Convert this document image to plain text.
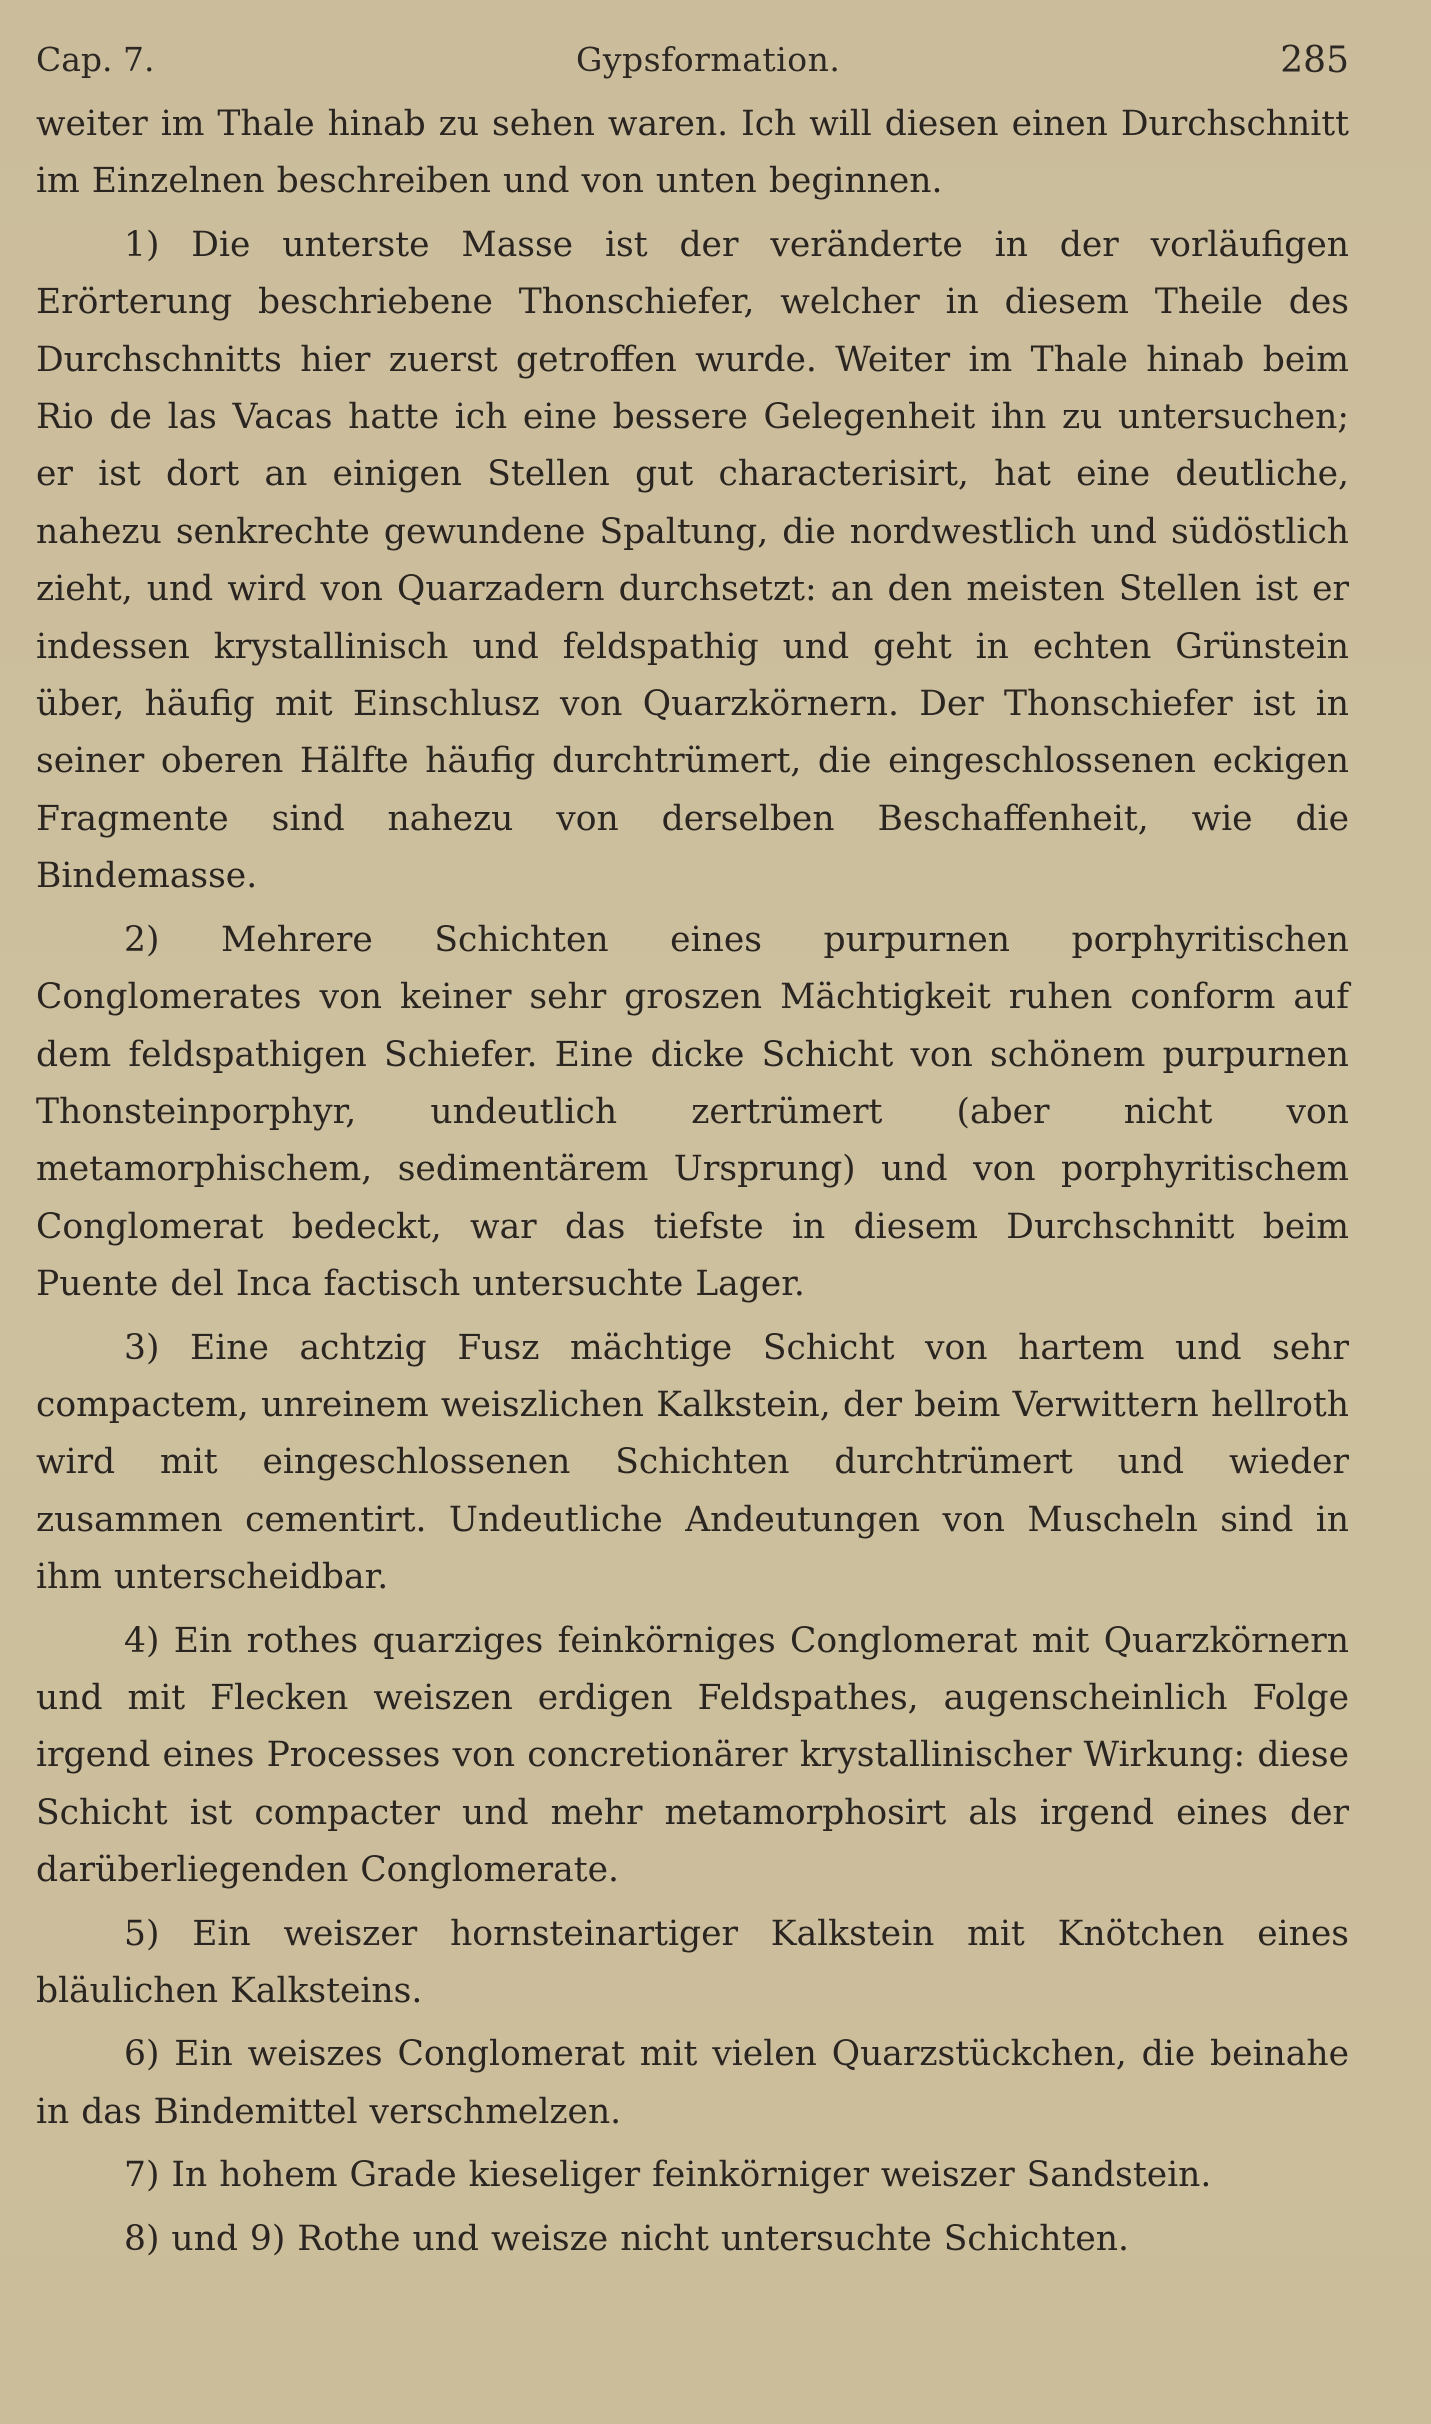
Cap. 7.	Gypsformation.	285

weiter im Thale hinab zu sehen waren. Ich will diesen einen Durchschnitt im Einzelnen beschreiben und von unten beginnen.

1) Die unterste Masse ist der veränderte in der vorläufigen Erörterung beschriebene Thonschiefer, welcher in diesem Theile des Durchschnitts hier zuerst getroffen wurde. Weiter im Thale hinab beim Rio de las Vacas hatte ich eine bessere Gelegenheit ihn zu untersuchen; er ist dort an einigen Stellen gut characterisirt, hat eine deutliche, nahezu senkrechte gewundene Spaltung, die nordwestlich und südöstlich zieht, und wird von Quarzadern durchsetzt: an den meisten Stellen ist er indessen krystallinisch und feldspathig und geht in echten Grünstein über, häufig mit Einschlusz von Quarzkörnern. Der Thonschiefer ist in seiner oberen Hälfte häufig durchtrümert, die eingeschlossenen eckigen Fragmente sind nahezu von derselben Beschaffenheit, wie die Bindemasse.

2) Mehrere Schichten eines purpurnen porphyritischen Conglomerates von keiner sehr groszen Mächtigkeit ruhen conform auf dem feldspathigen Schiefer. Eine dicke Schicht von schönem purpurnen Thonsteinporphyr, undeutlich zertrümert (aber nicht von metamorphischem, sedimentärem Ursprung) und von porphyritischem Conglomerat bedeckt, war das tiefste in diesem Durchschnitt beim Puente del Inca factisch untersuchte Lager.

3) Eine achtzig Fusz mächtige Schicht von hartem und sehr compactem, unreinem weiszlichen Kalkstein, der beim Verwittern hellroth wird mit eingeschlossenen Schichten durchtrümert und wieder zusammen cementirt. Undeutliche Andeutungen von Muscheln sind in ihm unterscheidbar.

4) Ein rothes quarziges feinkörniges Conglomerat mit Quarzkörnern und mit Flecken weiszen erdigen Feldspathes, augenscheinlich Folge irgend eines Processes von concretionärer krystallinischer Wirkung: diese Schicht ist compacter und mehr metamorphosirt als irgend eines der darüberliegenden Conglomerate.

5) Ein weiszer hornsteinartiger Kalkstein mit Knötchen eines bläulichen Kalksteins.

6) Ein weiszes Conglomerat mit vielen Quarzstückchen, die beinahe in das Bindemittel verschmelzen.

7) In hohem Grade kieseliger feinkörniger weiszer Sandstein.

8) und 9) Rothe und weisze nicht untersuchte Schichten.
